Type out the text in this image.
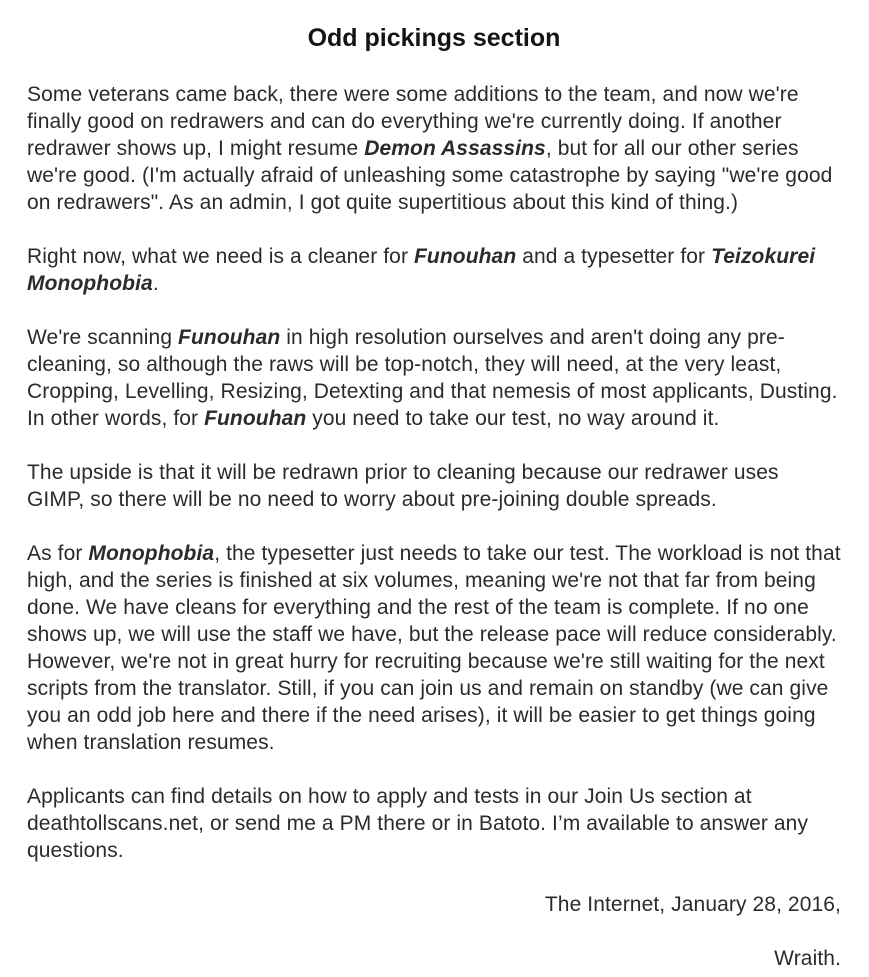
Odd pickings section

Some veterans came back, there were some additions to the team, and now we're finally good on redrawers and can do everything we're currently doing. If another redrawer shows up, I might resume Demon Assassins, but for all our other series we're good. (I'm actually afraid of unleashing some catastrophe by saying "we're good on redrawers". As an admin, I got quite supertitious about this kind of thing.)

Right now, what we need is a cleaner for Funouhan and a typesetter for Teizokurei Monophobia.

We're scanning Funouhan in high resolution ourselves and aren't doing any pre-cleaning, so although the raws will be top-notch, they will need, at the very least, Cropping, Levelling, Resizing, Detexting and that nemesis of most applicants, Dusting. In other words, for Funouhan you need to take our test, no way around it.

The upside is that it will be redrawn prior to cleaning because our redrawer uses GIMP, so there will be no need to worry about pre-joining double spreads.

As for Monophobia, the typesetter just needs to take our test. The workload is not that high, and the series is finished at six volumes, meaning we're not that far from being done. We have cleans for everything and the rest of the team is complete. If no one shows up, we will use the staff we have, but the release pace will reduce considerably. However, we're not in great hurry for recruiting because we're still waiting for the next scripts from the translator. Still, if you can join us and remain on standby (we can give you an odd job here and there if the need arises), it will be easier to get things going when translation resumes.

Applicants can find details on how to apply and tests in our Join Us section at deathtollscans.net, or send me a PM there or in Batoto. I’m available to answer any questions.

The Internet, January 28, 2016,

Wraith.
